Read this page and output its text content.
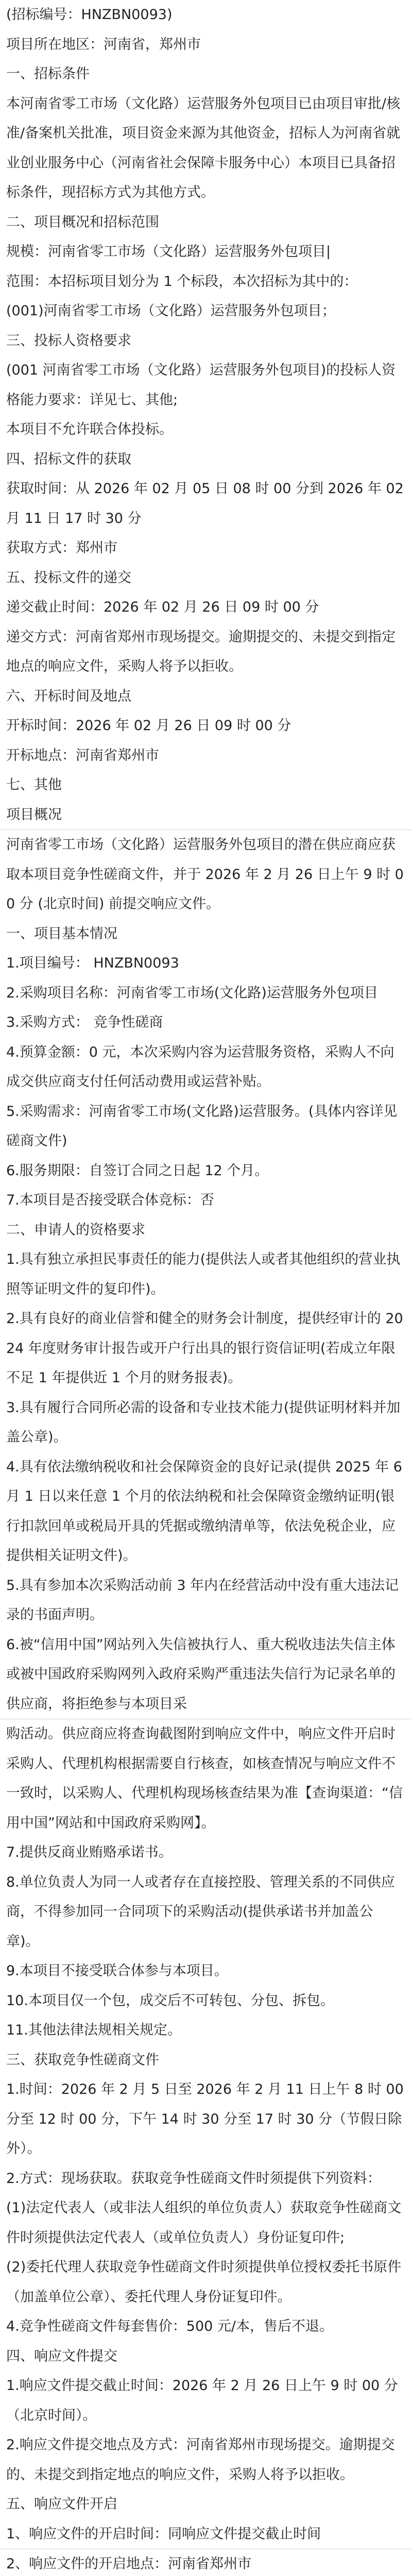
(招标编号：HNZBN0093)
项目所在地区：河南省，郑州市
一、招标条件
本河南省零工市场（文化路）运营服务外包项目已由项目审批/核准/备案机关批准，项目资金来源为其他资金，招标人为河南省就业创业服务中心（河南省社会保障卡服务中心）本项目已具备招标条件，现招标方式为其他方式。
二、项目概况和招标范围
规模：河南省零工市场（文化路）运营服务外包项目|
范围：本招标项目划分为 1 个标段，本次招标为其中的：
(001)河南省零工市场（文化路）运营服务外包项目；
三、投标人资格要求
(001 河南省零工市场（文化路）运营服务外包项目)的投标人资格能力要求：详见七、其他;
本项目不允许联合体投标。
四、招标文件的获取
获取时间：从 2026 年 02 月 05 日 08 时 00 分到 2026 年 02 月 11 日 17 时 30 分
获取方式：郑州市
五、投标文件的递交
递交截止时间：2026 年 02 月 26 日 09 时 00 分
递交方式：河南省郑州市现场提交。逾期提交的、未提交到指定地点的响应文件，采购人将予以拒收。
六、开标时间及地点
开标时间：2026 年 02 月 26 日 09 时 00 分
开标地点：河南省郑州市
七、其他
项目概况
河南省零工市场（文化路）运营服务外包项目的潜在供应商应获取本项目竞争性磋商文件，并于 2026 年 2 月 26 日上午 9 时 00 分 (北京时间) 前提交响应文件。
一、项目基本情况
1.项目编号： HNZBN0093
2.采购项目名称：河南省零工市场(文化路)运营服务外包项目
3.采购方式： 竞争性磋商
4.预算金额：0 元，本次采购内容为运营服务资格，采购人不向成交供应商支付任何活动费用或运营补贴。
5.采购需求：河南省零工市场(文化路)运营服务。(具体内容详见磋商文件)
6.服务期限：自签订合同之日起 12 个月。
7.本项目是否接受联合体竞标：否
二、申请人的资格要求
1.具有独立承担民事责任的能力(提供法人或者其他组织的营业执照等证明文件的复印件)。
2.具有良好的商业信誉和健全的财务会计制度，提供经审计的 2024 年度财务审计报告或开户行出具的银行资信证明(若成立年限不足 1 年提供近 1 个月的财务报表)。
3.具有履行合同所必需的设备和专业技术能力(提供证明材料并加盖公章)。
4.具有依法缴纳税收和社会保障资金的良好记录(提供 2025 年 6 月 1 日以来任意 1 个月的依法纳税和社会保障资金缴纳证明(银行扣款回单或税局开具的凭据或缴纳清单等，依法免税企业，应提供相关证明文件)。
5.具有参加本次采购活动前 3 年内在经营活动中没有重大违法记录的书面声明。
6.被“信用中国”网站列入失信被执行人、重大税收违法失信主体或被中国政府采购网列入政府采购严重违法失信行为记录名单的供应商，将拒绝参与本项目采
购活动。供应商应将查询截图附到响应文件中，响应文件开启时采购人、代理机构根据需要自行核查，如核查情况与响应文件不一致时，以采购人、代理机构现场核查结果为准【查询渠道：“信用中国”网站和中国政府采购网】。
7.提供反商业贿赂承诺书。
8.单位负责人为同一人或者存在直接控股、管理关系的不同供应商，不得参加同一合同项下的采购活动(提供承诺书并加盖公章)。
9.本项目不接受联合体参与本项目。
10.本项目仅一个包，成交后不可转包、分包、拆包。
11.其他法律法规相关规定。
三、获取竞争性磋商文件
1.时间：2026 年 2 月 5 日至 2026 年 2 月 11 日上午 8 时 00 分至 12 时 00 分，下午 14 时 30 分至 17 时 30 分（节假日除外）。
2.方式：现场获取。获取竞争性磋商文件时须提供下列资料：
(1)法定代表人（或非法人组织的单位负责人）获取竞争性磋商文件时须提供法定代表人（或单位负责人）身份证复印件;
(2)委托代理人获取竞争性磋商文件时须提供单位授权委托书原件（加盖单位公章）、委托代理人身份证复印件。
4.竞争性磋商文件每套售价：500 元/本，售后不退。
四、响应文件提交
1.响应文件提交截止时间：2026 年 2 月 26 日上午 9 时 00 分（北京时间）。
2.响应文件提交地点及方式：河南省郑州市现场提交。逾期提交的、未提交到指定地点的响应文件，采购人将予以拒收。
五、响应文件开启
1、响应文件的开启时间：同响应文件提交截止时间
2、响应文件的开启地点：河南省郑州市
